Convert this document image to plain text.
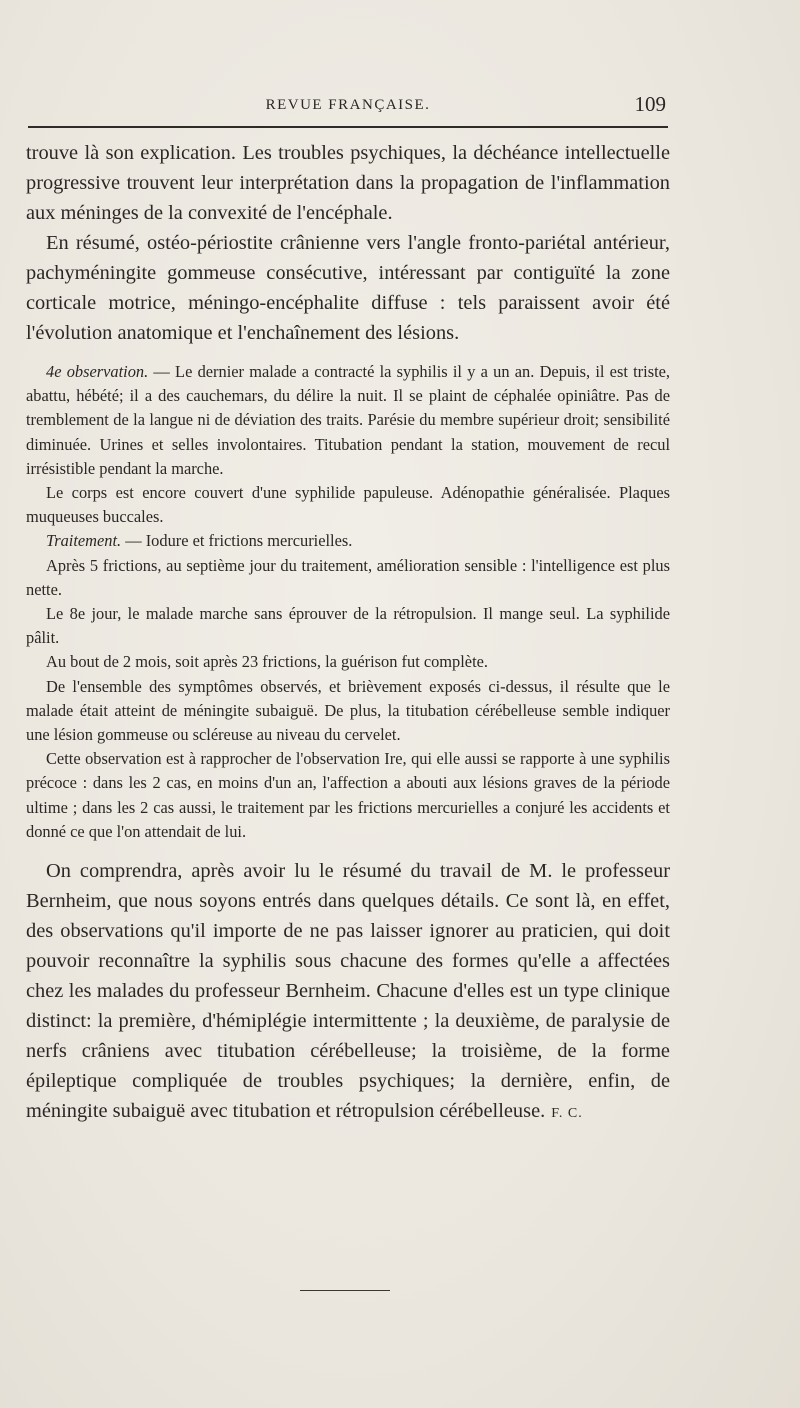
REVUE FRANÇAISE.	109

trouve là son explication. Les troubles psychiques, la déchéance intellectuelle progressive trouvent leur interprétation dans la propagation de l'inflammation aux méninges de la convexité de l'encéphale.

En résumé, ostéo-périostite crânienne vers l'angle fronto-pariétal antérieur, pachyméningite gommeuse consécutive, intéressant par contiguïté la zone corticale motrice, méningo-encéphalite diffuse : tels paraissent avoir été l'évolution anatomique et l'enchaînement des lésions.

4e observation. — Le dernier malade a contracté la syphilis il y a un an. Depuis, il est triste, abattu, hébété; il a des cauchemars, du délire la nuit. Il se plaint de céphalée opiniâtre. Pas de tremblement de la langue ni de déviation des traits. Parésie du membre supérieur droit; sensibilité diminuée. Urines et selles involontaires. Titubation pendant la station, mouvement de recul irrésistible pendant la marche.

Le corps est encore couvert d'une syphilide papuleuse. Adénopathie généralisée. Plaques muqueuses buccales.

Traitement. — Iodure et frictions mercurielles.

Après 5 frictions, au septième jour du traitement, amélioration sensible : l'intelligence est plus nette.

Le 8e jour, le malade marche sans éprouver de la rétropulsion. Il mange seul. La syphilide pâlit.

Au bout de 2 mois, soit après 23 frictions, la guérison fut complète.

De l'ensemble des symptômes observés, et brièvement exposés ci-dessus, il résulte que le malade était atteint de méningite subaiguë. De plus, la titubation cérébelleuse semble indiquer une lésion gommeuse ou scléreuse au niveau du cervelet.

Cette observation est à rapprocher de l'observation Ire, qui elle aussi se rapporte à une syphilis précoce : dans les 2 cas, en moins d'un an, l'affection a abouti aux lésions graves de la période ultime ; dans les 2 cas aussi, le traitement par les frictions mercurielles a conjuré les accidents et donné ce que l'on attendait de lui.

On comprendra, après avoir lu le résumé du travail de M. le professeur Bernheim, que nous soyons entrés dans quelques détails. Ce sont là, en effet, des observations qu'il importe de ne pas laisser ignorer au praticien, qui doit pouvoir reconnaître la syphilis sous chacune des formes qu'elle a affectées chez les malades du professeur Bernheim. Chacune d'elles est un type clinique distinct: la première, d'hémiplégie intermittente ; la deuxième, de paralysie de nerfs crâniens avec titubation cérébelleuse; la troisième, de la forme épileptique compliquée de troubles psychiques; la dernière, enfin, de méningite subaiguë avec titubation et rétropulsion cérébelleuse. F. C.
